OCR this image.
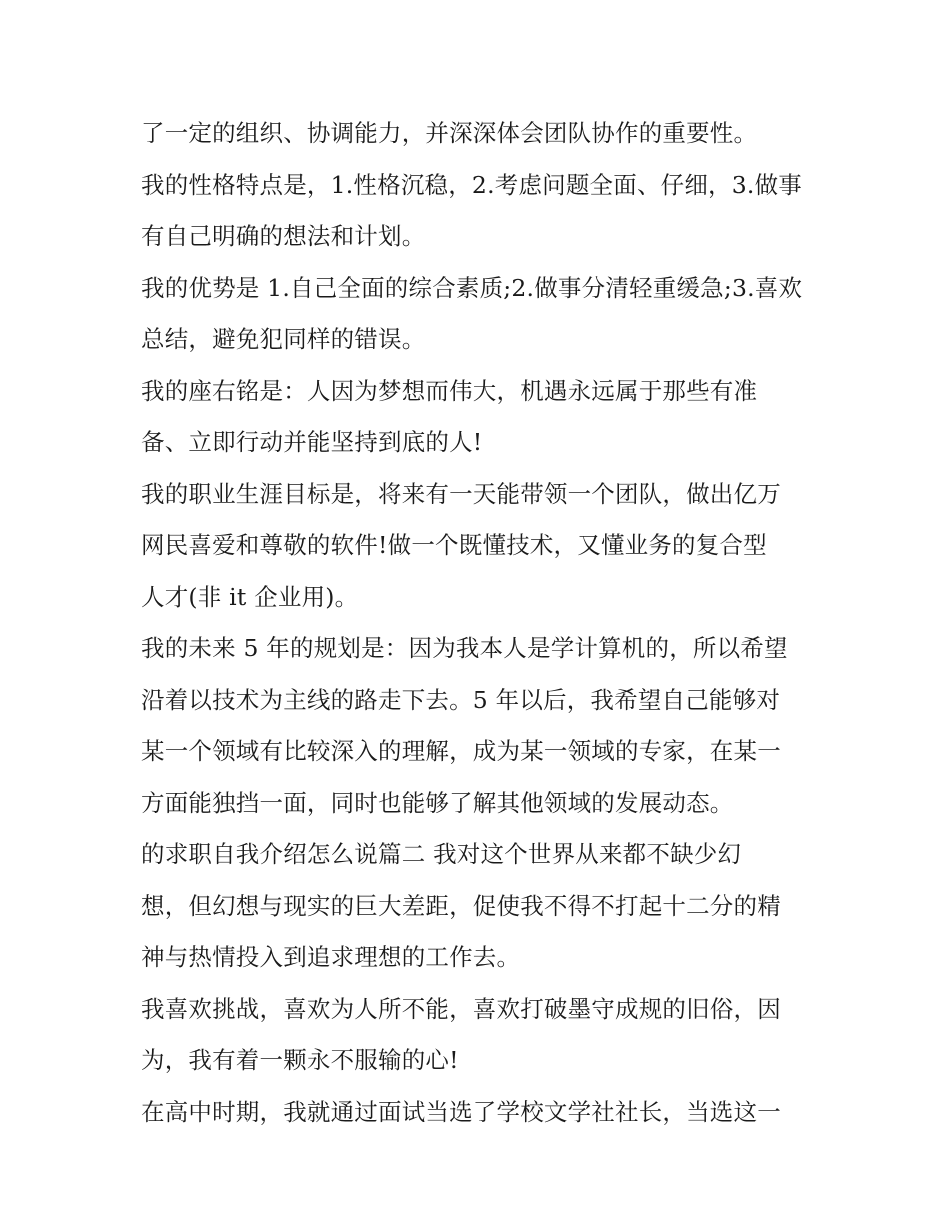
了一定的组织、协调能力，并深深体会团队协作的重要性。
我的性格特点是，1.性格沉稳，2.考虑问题全面、仔细，3.做事
有自己明确的想法和计划。
我的优势是 1.自己全面的综合素质;2.做事分清轻重缓急;3.喜欢
总结，避免犯同样的错误。
我的座右铭是：人因为梦想而伟大，机遇永远属于那些有准
备、立即行动并能坚持到底的人!
我的职业生涯目标是，将来有一天能带领一个团队，做出亿万
网民喜爱和尊敬的软件!做一个既懂技术，又懂业务的复合型
人才(非 it 企业用)。
我的未来 5 年的规划是：因为我本人是学计算机的，所以希望
沿着以技术为主线的路走下去。5 年以后，我希望自己能够对
某一个领域有比较深入的理解，成为某一领域的专家，在某一
方面能独挡一面，同时也能够了解其他领域的发展动态。
的求职自我介绍怎么说篇二 我对这个世界从来都不缺少幻
想，但幻想与现实的巨大差距，促使我不得不打起十二分的精
神与热情投入到追求理想的工作去。
我喜欢挑战，喜欢为人所不能，喜欢打破墨守成规的旧俗，因
为，我有着一颗永不服输的心!
在高中时期，我就通过面试当选了学校文学社社长，当选这一
